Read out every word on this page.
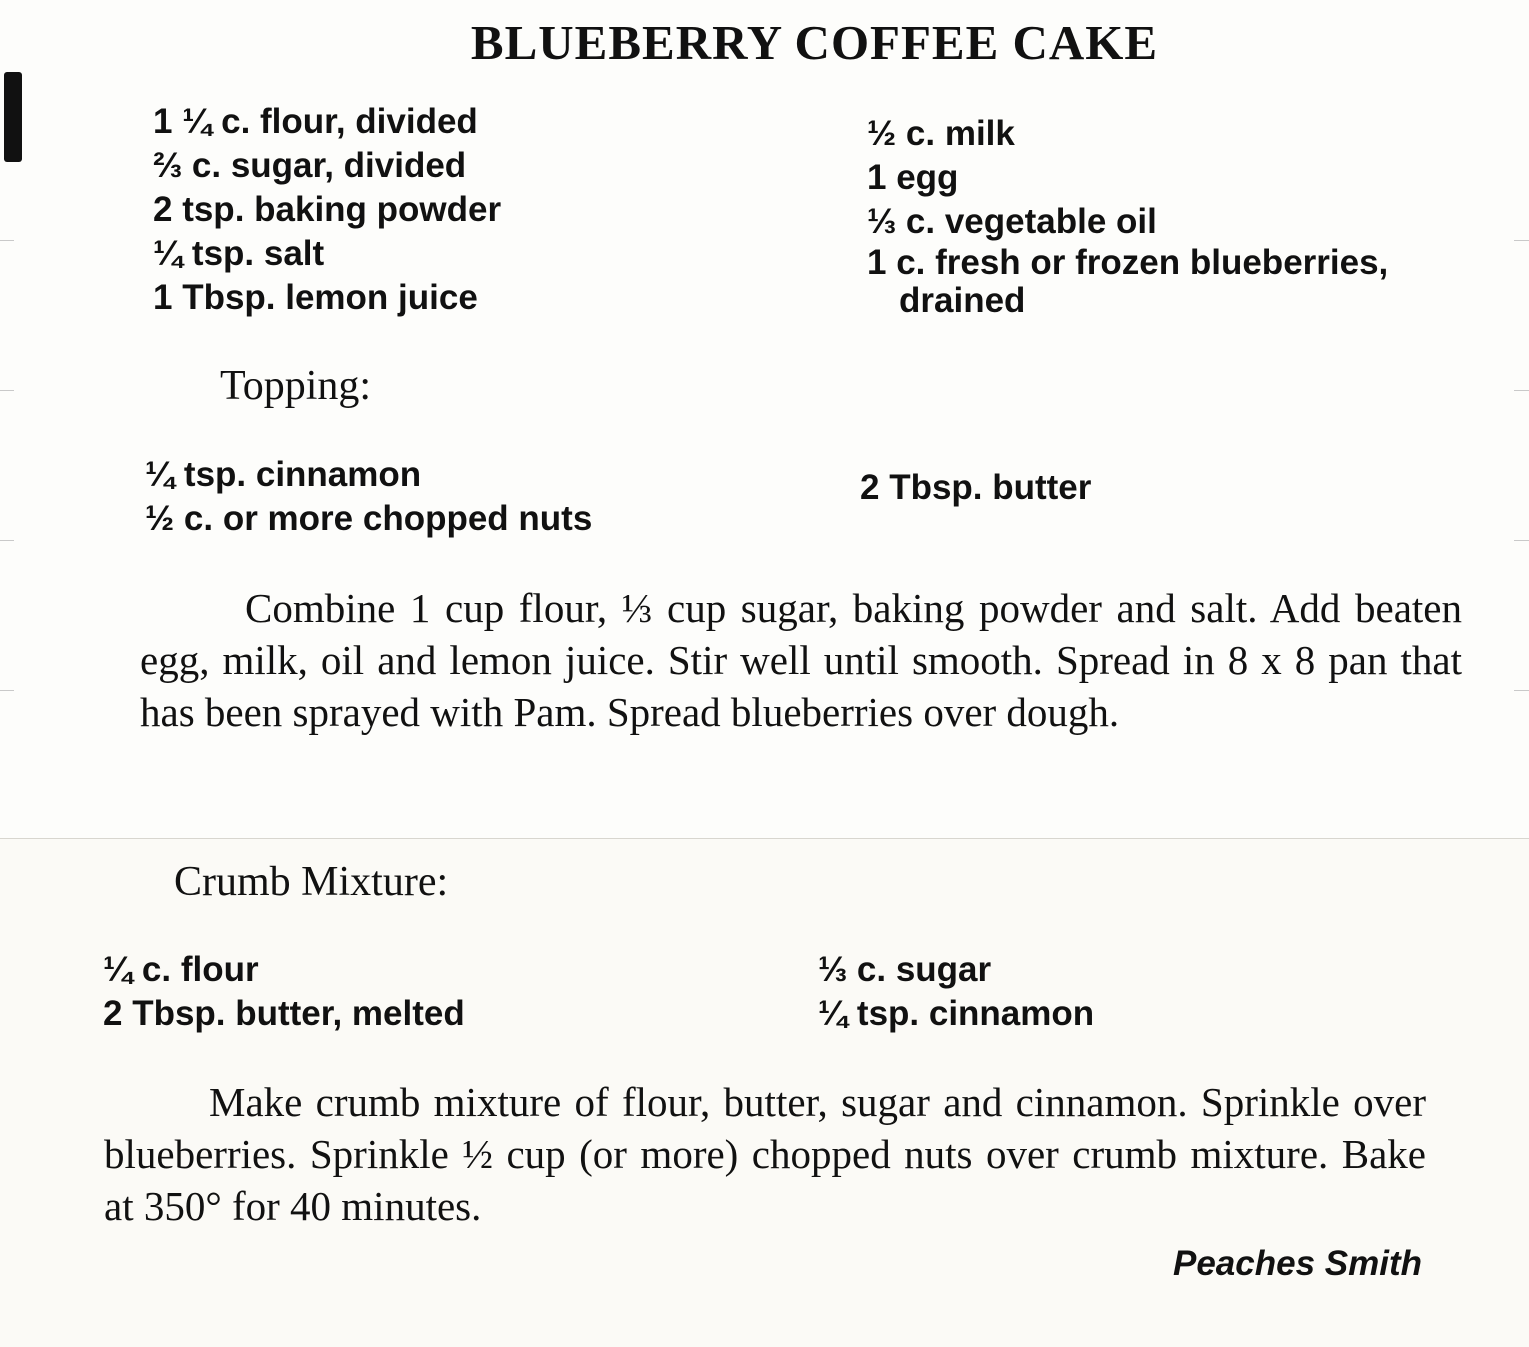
BLUEBERRY COFFEE CAKE
1 ¼ c. flour, divided
⅔ c. sugar, divided
2 tsp. baking powder
¼ tsp. salt
1 Tbsp. lemon juice
½ c. milk
1 egg
⅓ c. vegetable oil
1 c. fresh or frozen blueberries, drained
Topping:
¼ tsp. cinnamon
½ c. or more chopped nuts
2 Tbsp. butter

Combine 1 cup flour, ⅓ cup sugar, baking powder and salt. Add beaten egg, milk, oil and lemon juice. Stir well until smooth. Spread in 8 x 8 pan that has been sprayed with Pam. Spread blueberries over dough.

Crumb Mixture:
¼ c. flour
2 Tbsp. butter, melted
⅓ c. sugar
¼ tsp. cinnamon

Make crumb mixture of flour, butter, sugar and cinnamon. Sprinkle over blueberries. Sprinkle ½ cup (or more) chopped nuts over crumb mixture. Bake at 350° for 40 minutes.

Peaches Smith
